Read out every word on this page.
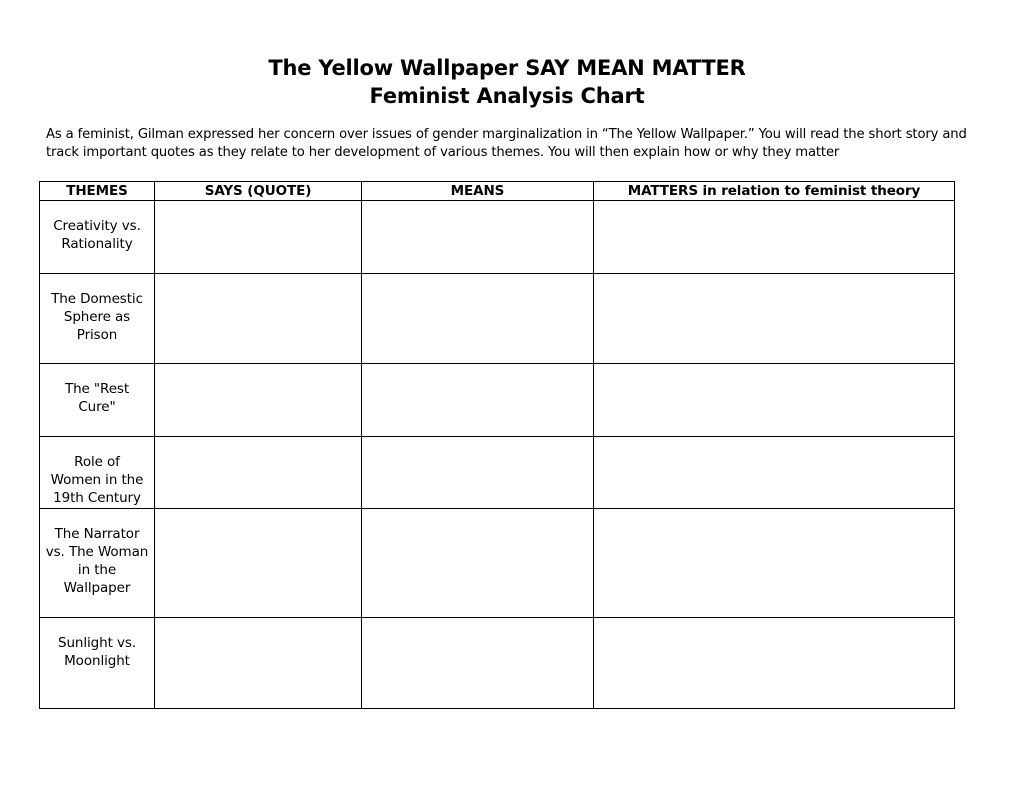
The Yellow Wallpaper SAY MEAN MATTER
Feminist Analysis Chart

As a feminist, Gilman expressed her concern over issues of gender marginalization in “The Yellow Wallpaper.” You will read the short story and

track important quotes as they relate to her development of various themes. You will then explain how or why they matter

THEMES	SAYS (QUOTE)	MEANS	MATTERS in relation to feminist theory

Creativity vs.
Rationality			

The Domestic
Sphere as
Prison			

The "Rest
Cure"			

Role of
Women in the
19th Century			

The Narrator
vs. The Woman
in the
Wallpaper			

Sunlight vs.
Moonlight			
